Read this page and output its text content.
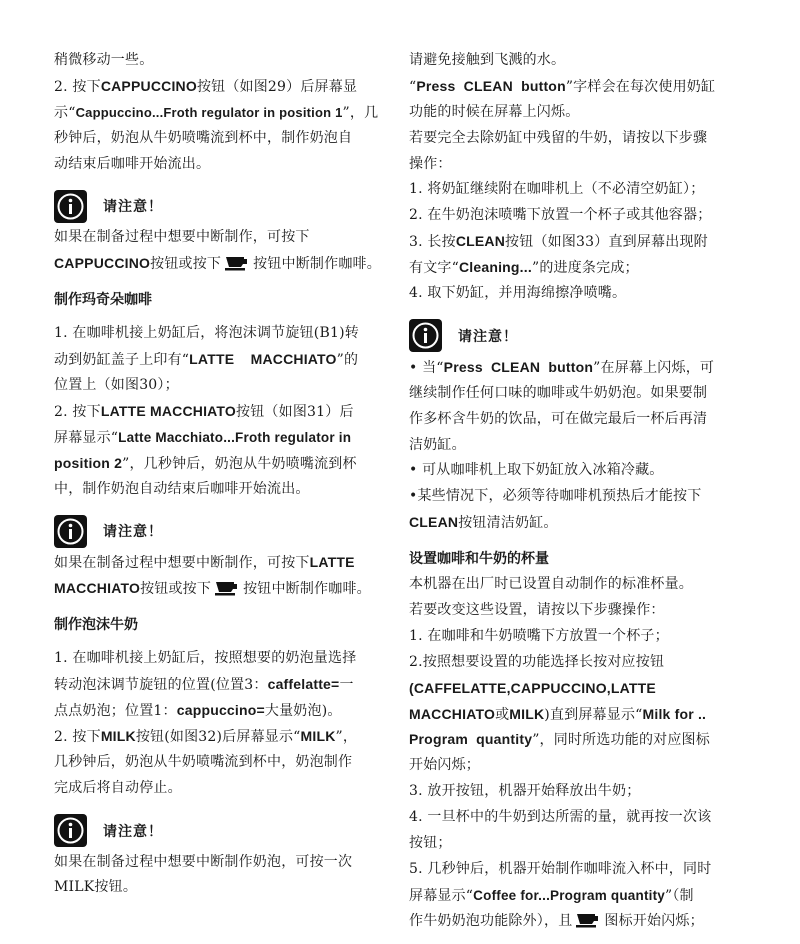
稍微移动一些。
2. 按下CAPPUCCINO按钮（如图29）后屏幕显
示“Cappuccino...Froth regulator in position 1”，几
秒钟后，奶泡从牛奶喷嘴流到杯中，制作奶泡自
动结束后咖啡开始流出。
请注意！
如果在制备过程中想要中断制作，可按下
CAPPUCCINO按钮或按下 按钮中断制作咖啡。
制作玛奇朵咖啡
1. 在咖啡机接上奶缸后，将泡沫调节旋钮(B1)转
动到奶缸盖子上印有“LATTE    MACCHIATO”的
位置上（如图30）；
2. 按下LATTE MACCHIATO按钮（如图31）后
屏幕显示“Latte Macchiato...Froth regulator in
position 2”，几秒钟后，奶泡从牛奶喷嘴流到杯
中，制作奶泡自动结束后咖啡开始流出。
请注意！
如果在制备过程中想要中断制作，可按下LATTE
MACCHIATO按钮或按下 按钮中断制作咖啡。
制作泡沫牛奶
1. 在咖啡机接上奶缸后，按照想要的奶泡量选择
转动泡沫调节旋钮的位置(位置3：caffelatte=一
点点奶泡；位置1：cappuccino=大量奶泡)。
2. 按下MILK按钮(如图32)后屏幕显示“MILK”，
几秒钟后，奶泡从牛奶喷嘴流到杯中，奶泡制作
完成后将自动停止。
请注意！
如果在制备过程中想要中断制作奶泡，可按一次
MILK按钮。
请避免接触到飞溅的水。
“Press  CLEAN  button”字样会在每次使用奶缸
功能的时候在屏幕上闪烁。
若要完全去除奶缸中残留的牛奶，请按以下步骤
操作：
1. 将奶缸继续附在咖啡机上（不必清空奶缸）；
2. 在牛奶泡沫喷嘴下放置一个杯子或其他容器；
3. 长按CLEAN按钮（如图33）直到屏幕出现附
有文字“Cleaning...”的进度条完成；
4. 取下奶缸，并用海绵擦净喷嘴。
请注意！
• 当“Press  CLEAN  button”在屏幕上闪烁，可
继续制作任何口味的咖啡或牛奶奶泡。如果要制
作多杯含牛奶的饮品，可在做完最后一杯后再清
洁奶缸。
• 可从咖啡机上取下奶缸放入冰箱冷藏。
•某些情况下，必须等待咖啡机预热后才能按下
CLEAN按钮清洁奶缸。
设置咖啡和牛奶的杯量
本机器在出厂时已设置自动制作的标准杯量。
若要改变这些设置，请按以下步骤操作：
1. 在咖啡和牛奶喷嘴下方放置一个杯子；
2.按照想要设置的功能选择长按对应按钮
(CAFFELATTE,CAPPUCCINO,LATTE
MACCHIATO或MILK)直到屏幕显示“Milk for ..
Program  quantity”，同时所选功能的对应图标
开始闪烁；
3. 放开按钮，机器开始释放出牛奶；
4. 一旦杯中的牛奶到达所需的量，就再按一次该
按钮；
5. 几秒钟后，机器开始制作咖啡流入杯中，同时
屏幕显示“Coffee for...Program quantity”（制
作牛奶奶泡功能除外），且 图标开始闪烁；
